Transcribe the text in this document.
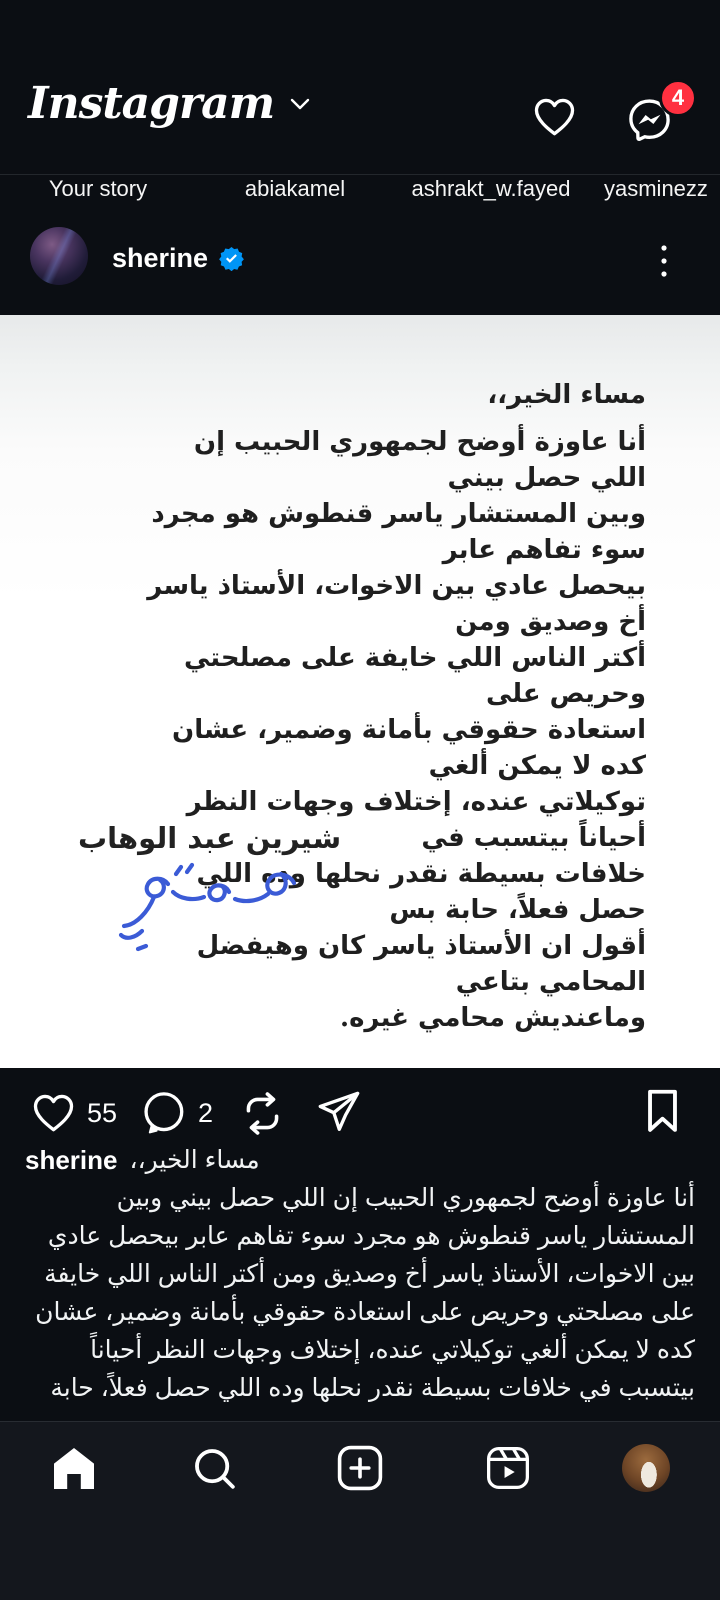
Instagram	4
Your story	abiakamel	ashrakt_w.fayed yasminezz
sherine
مساء الخير،،
أنا عاوزة أوضح لجمهوري الحبيب إن اللي حصل بيني
وبين المستشار ياسر قنطوش هو مجرد سوء تفاهم عابر
بيحصل عادي بين الاخوات، الأستاذ ياسر أخ وصديق ومن
أكتر الناس اللي خايفة على مصلحتي وحريص على
استعادة حقوقي بأمانة وضمير، عشان كده لا يمكن ألغي
توكيلاتي عنده، إختلاف وجهات النظر أحياناً بيتسبب في
خلافات بسيطة نقدر نحلها وده اللي حصل فعلاً، حابة بس
أقول ان الأستاذ ياسر كان وهيفضل المحامي بتاعي
وماعنديش محامي غيره.
شيرين عبد الوهاب
55	2
sherine مساء الخير،،
أنا عاوزة أوضح لجمهوري الحبيب إن اللي حصل بيني وبين
المستشار ياسر قنطوش هو مجرد سوء تفاهم عابر بيحصل عادي
بين الاخوات، الأستاذ ياسر أخ وصديق ومن أكتر الناس اللي خايفة
على مصلحتي وحريص على استعادة حقوقي بأمانة وضمير، عشان
كده لا يمكن ألغي توكيلاتي عنده، إختلاف وجهات النظر أحياناً
بيتسبب في خلافات بسيطة نقدر نحلها وده اللي حصل فعلاً، حابة
